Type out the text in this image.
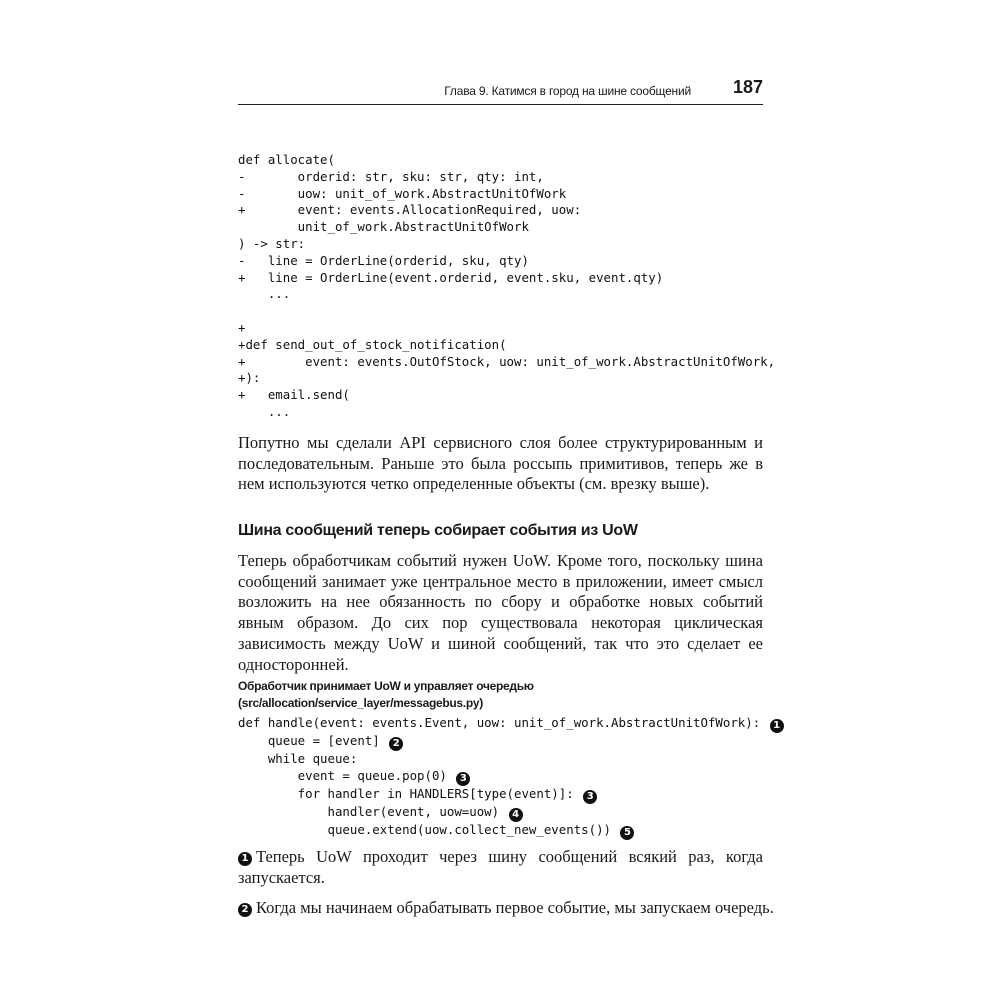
Глава 9. Катимся в город на шине сообщений 187
def allocate(
-       orderid: str, sku: str, qty: int,
-       uow: unit_of_work.AbstractUnitOfWork
+       event: events.AllocationRequired, uow:
unit_of_work.AbstractUnitOfWork
) -> str:
-   line = OrderLine(orderid, sku, qty)
+   line = OrderLine(event.orderid, event.sku, event.qty)
...

+
+def send_out_of_stock_notification(
+        event: events.OutOfStock, uow: unit_of_work.AbstractUnitOfWork,
+):
+   email.send(
...

Попутно мы сделали API сервисного слоя более структурированным и последовательным. Раньше это была россыпь примитивов, теперь же в нем используются четко определенные объекты (см. врезку выше).

Шина сообщений теперь собирает события из UoW

Теперь обработчикам событий нужен UoW. Кроме того, поскольку шина сообщений занимает уже центральное место в приложении, имеет смысл возложить на нее обязанность по сбору и обработке новых событий явным образом. До сих пор существовала некоторая циклическая зависимость между UoW и шиной сообщений, так что это сделает ее односторонней.

Обработчик принимает UoW и управляет очередью (src/allocation/service_layer/messagebus.py)

def handle(event: events.Event, uow: unit_of_work.AbstractUnitOfWork): 1
queue = [event] 2
while queue:
event = queue.pop(0) 3
for handler in HANDLERS[type(event)]: 3
handler(event, uow=uow) 4
queue.extend(uow.collect_new_events()) 5

1 Теперь UoW проходит через шину сообщений всякий раз, когда запускается.

2 Когда мы начинаем обрабатывать первое событие, мы запускаем очередь.
